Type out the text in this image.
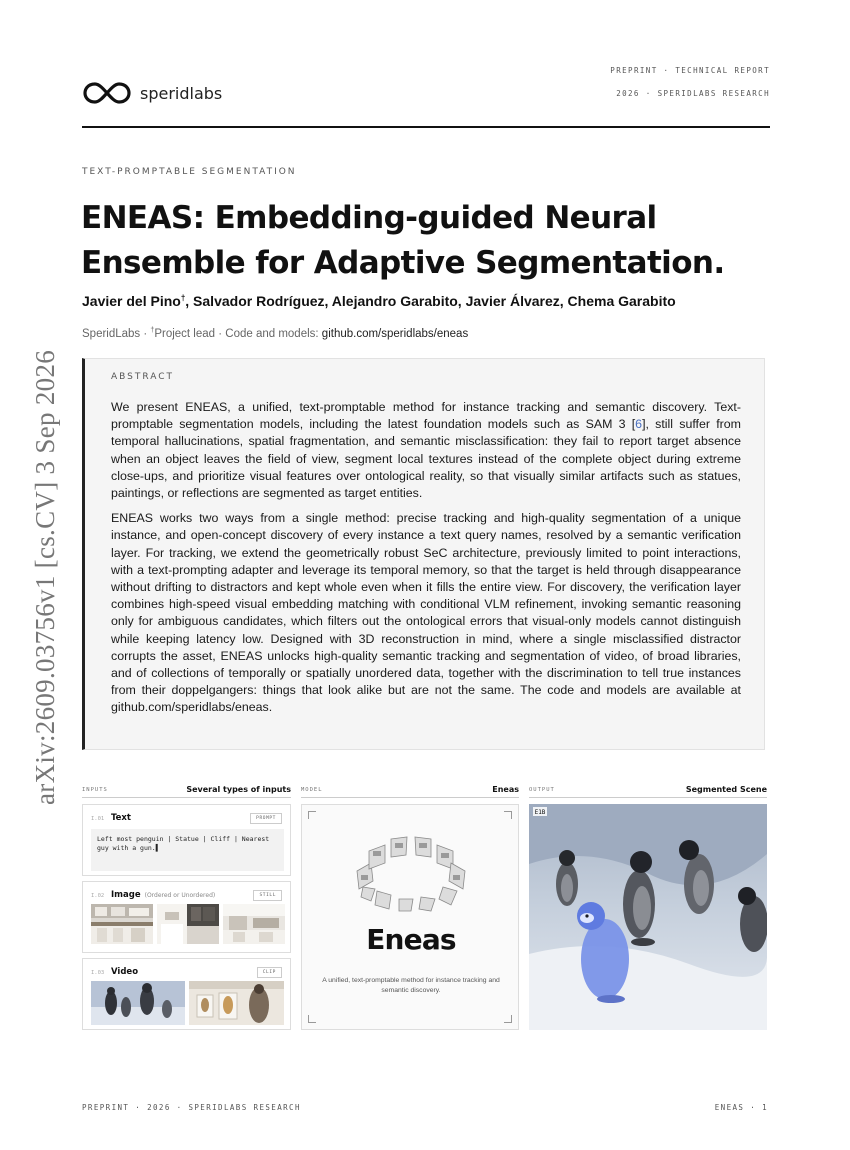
speridlabs
PREPRINT · TECHNICAL REPORT
2026 · SPERIDLABS RESEARCH
arXiv:2609.03756v1 [cs.CV] 3 Sep 2026
TEXT-PROMPTABLE SEGMENTATION
ENEAS: Embedding-guided Neural Ensemble for Adaptive Segmentation.
Javier del Pino†, Salvador Rodríguez, Alejandro Garabito, Javier Álvarez, Chema Garabito
SperidLabs · †Project lead · Code and models: github.com/speridlabs/eneas
ABSTRACT

We present ENEAS, a unified, text-promptable method for instance tracking and semantic discovery. Text-promptable segmentation models, including the latest foundation models such as SAM 3 [6], still suffer from temporal hallucinations, spatial fragmentation, and semantic misclassification: they fail to report target absence when an object leaves the field of view, segment local textures instead of the complete object during extreme close-ups, and prioritize visual features over ontological reality, so that visually similar artifacts such as statues, paintings, or reflections are segmented as target entities.

ENEAS works two ways from a single method: precise tracking and high-quality segmentation of a unique instance, and open-concept discovery of every instance a text query names, resolved by a semantic verification layer. For tracking, we extend the geometrically robust SeC architecture, previously limited to point interactions, with a text-prompting adapter and leverage its temporal memory, so that the target is held through disappearance without drifting to distractors and kept whole even when it fills the entire view. For discovery, the verification layer combines high-speed visual embedding matching with conditional VLM refinement, invoking semantic reasoning only for ambiguous candidates, which filters out the ontological errors that visual-only models cannot distinguish while keeping latency low. Designed with 3D reconstruction in mind, where a single misclassified distractor corrupts the asset, ENEAS unlocks high-quality semantic tracking and segmentation of video, of broad libraries, and of collections of temporally or spatially unordered data, together with the discrimination to tell true instances from their doppelgangers: things that look alike but are not the same. The code and models are available at github.com/speridlabs/eneas.

INPUTS	Several types of inputs MODEL	Eneas OUTPUT	Segmented Scene
I.01 Text	PROMPT
Left most penguin | Statue | Cliff | Nearest guy with a gun.▌
I.02 Image (Ordered or Unordered)	STILL
I.03 Video	CLIP
Eneas
A unified, text-promptable method for instance tracking and semantic discovery.
E1B
PREPRINT · 2026 · SPERIDLABS RESEARCH	ENEAS · 1
